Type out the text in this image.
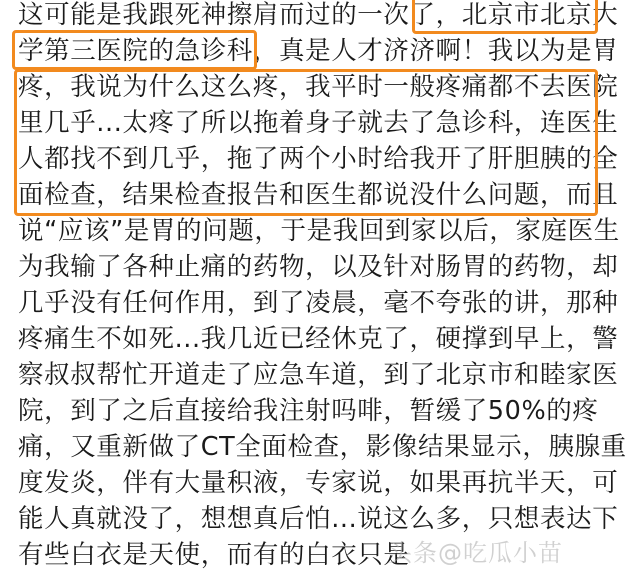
这可能是我跟死神擦肩而过的一次了，北京市北京大
学第三医院的急诊科，真是人才济济啊！我以为是胃
疼，我说为什么这么疼，我平时一般疼痛都不去医院
里几乎...太疼了所以拖着身子就去了急诊科，连医生
人都找不到几乎，拖了两个小时给我开了肝胆胰的全
面检查，结果检查报告和医生都说没什么问题，而且
说“应该”是胃的问题，于是我回到家以后，家庭医生
为我输了各种止痛的药物，以及针对肠胃的药物，却
几乎没有任何作用，到了凌晨，毫不夸张的讲，那种
疼痛生不如死...我几近已经休克了，硬撑到早上，警
察叔叔帮忙开道走了应急车道，到了北京市和睦家医
院，到了之后直接给我注射吗啡，暂缓了50%的疼
痛，又重新做了CT全面检查，影像结果显示，胰腺重
度发炎，伴有大量积液，专家说，如果再抗半天，可
能人真就没了，想想真后怕...说这么多，只想表达下
有些白衣是天使，而有的白衣只是
头条@吃瓜小苗
